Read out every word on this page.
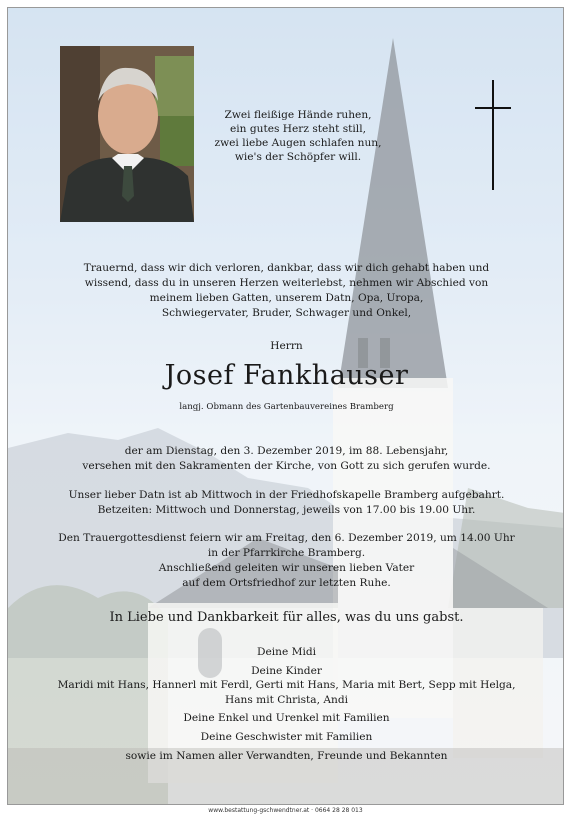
Zwei fleißige Hände ruhen,
ein gutes Herz steht still,
zwei liebe Augen schlafen nun,
wie's der Schöpfer will.
Trauernd, dass wir dich verloren, dankbar, dass wir dich gehabt haben und
wissend, dass du in unseren Herzen weiterlebst, nehmen wir Abschied von
meinem lieben Gatten, unserem Datn, Opa, Uropa,
Schwiegervater, Bruder, Schwager und Onkel,
Herrn
Josef Fankhauser
langj. Obmann des Gartenbauvereines Bramberg
der am Dienstag, den 3. Dezember 2019, im 88. Lebensjahr,
versehen mit den Sakramenten der Kirche, von Gott zu sich gerufen wurde.
Unser lieber Datn ist ab Mittwoch in der Friedhofskapelle Bramberg aufgebahrt.
Betzeiten: Mittwoch und Donnerstag, jeweils von 17.00 bis 19.00 Uhr.
Den Trauergottesdienst feiern wir am Freitag, den 6. Dezember 2019, um 14.00 Uhr
in der Pfarrkirche Bramberg.
Anschließend geleiten wir unseren lieben Vater
auf dem Ortsfriedhof zur letzten Ruhe.
In Liebe und Dankbarkeit für alles, was du uns gabst.
Deine Midi
Deine Kinder
Maridi mit Hans, Hannerl mit Ferdl, Gerti mit Hans, Maria mit Bert, Sepp mit Helga,
Hans mit Christa, Andi
Deine Enkel und Urenkel mit Familien
Deine Geschwister mit Familien
sowie im Namen aller Verwandten, Freunde und Bekannten
www.bestattung-gschwendtner.at · 0664 28 28 013
